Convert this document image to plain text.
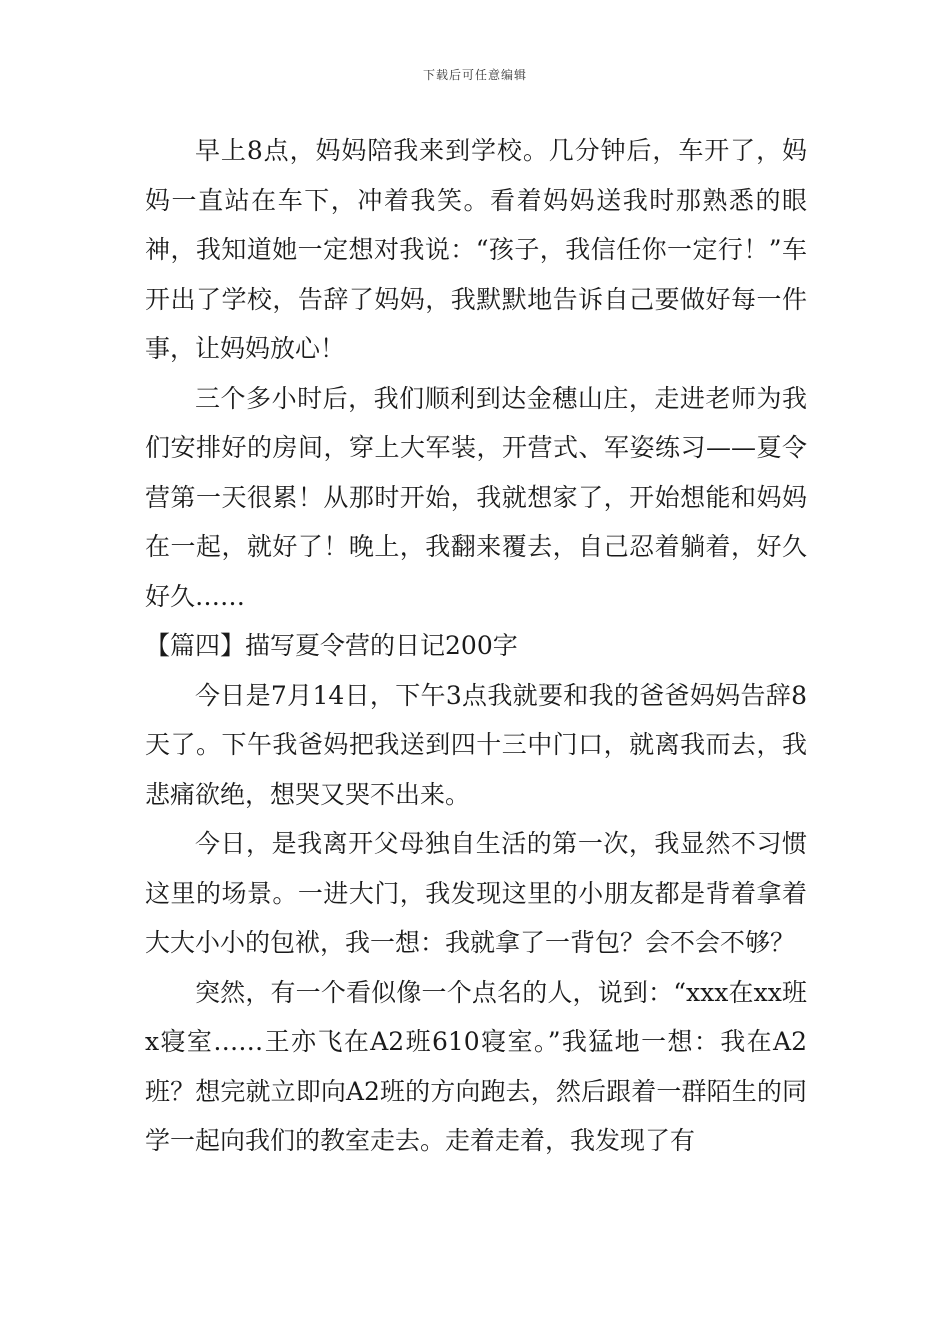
下载后可任意编辑

早上8点，妈妈陪我来到学校。几分钟后，车开了，妈妈一直站在车下，冲着我笑。看着妈妈送我时那熟悉的眼神，我知道她一定想对我说：“孩子，我信任你一定行！”车开出了学校，告辞了妈妈，我默默地告诉自己要做好每一件事，让妈妈放心！

三个多小时后，我们顺利到达金穗山庄，走进老师为我们安排好的房间，穿上大军装，开营式、军姿练习——夏令营第一天很累！从那时开始，我就想家了，开始想能和妈妈在一起，就好了！晚上，我翻来覆去，自己忍着躺着，好久好久……

【篇四】描写夏令营的日记200字

今日是7月14日，下午3点我就要和我的爸爸妈妈告辞8天了。下午我爸妈把我送到四十三中门口，就离我而去，我悲痛欲绝，想哭又哭不出来。

今日，是我离开父母独自生活的第一次，我显然不习惯这里的场景。一进大门，我发现这里的小朋友都是背着拿着大大小小的包袱，我一想：我就拿了一背包？会不会不够？

突然，有一个看似像一个点名的人，说到：“xxx在xx班x寝室……王亦飞在A2班610寝室。”我猛地一想：我在A2班？想完就立即向A2班的方向跑去，然后跟着一群陌生的同学一起向我们的教室走去。走着走着，我发现了有
